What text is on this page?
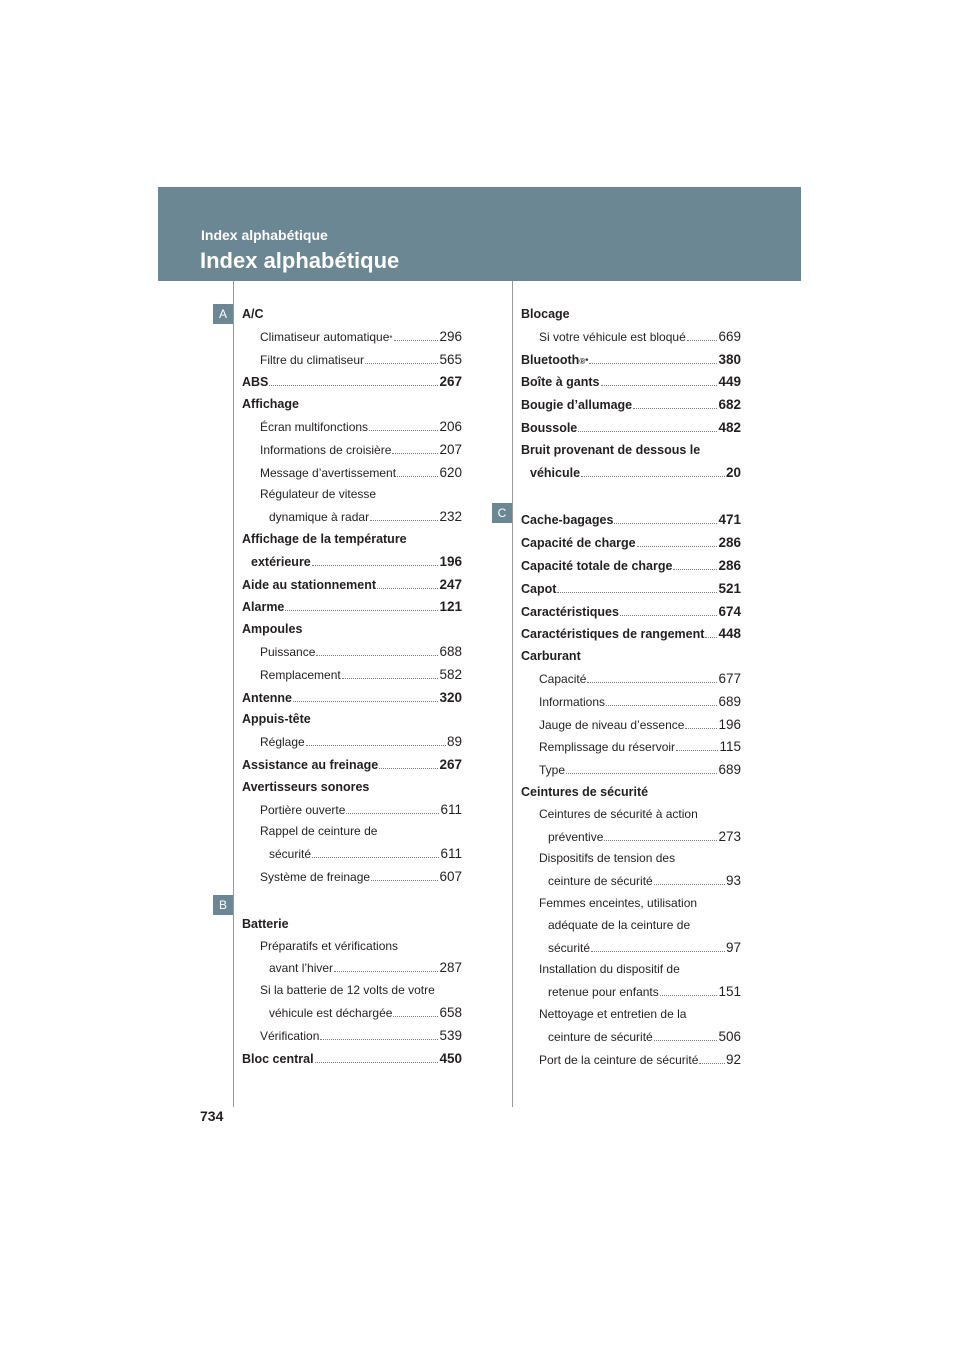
Index alphabétique
Index alphabétique
A
B
C
734
A/C
Climatiseur automatique *	296
Filtre du climatiseur	565
ABS	267
Affichage
Écran multifonctions	206
Informations de croisière	207
Message d’avertissement	620
Régulateur de vitesse
dynamique à radar	232
Affichage de la température
extérieure	196
Aide au stationnement	247
Alarme	121
Ampoules
Puissance	688
Remplacement	582
Antenne	320
Appuis-tête
Réglage	89
Assistance au freinage	267
Avertisseurs sonores
Portière ouverte	611
Rappel de ceinture de
sécurité	611
Système de freinage	607
Batterie
Préparatifs et vérifications
avant l’hiver	287
Si la batterie de 12 volts de votre
véhicule est déchargée	658
Vérification	539
Bloc central	450
Blocage
Si votre véhicule est bloqué 669
Bluetooth ®*	380
Boîte à gants	449
Bougie d’allumage	682
Boussole	482
Bruit provenant de dessous le
véhicule	20
Cache-bagages	471
Capacité de charge	286
Capacité totale de charge	286
Capot	521
Caractéristiques	674
Caractéristiques de rangement 448
Carburant
Capacité	677
Informations	689
Jauge de niveau d’essence	196
Remplissage du réservoir	115
Type	689
Ceintures de sécurité
Ceintures de sécurité à action
préventive	273
Dispositifs de tension des
ceinture de sécurité	93
Femmes enceintes, utilisation
adéquate de la ceinture de
sécurité	97
Installation du dispositif de
retenue pour enfants	151
Nettoyage et entretien de la
ceinture de sécurité	506
Port de la ceinture de sécurité 92
